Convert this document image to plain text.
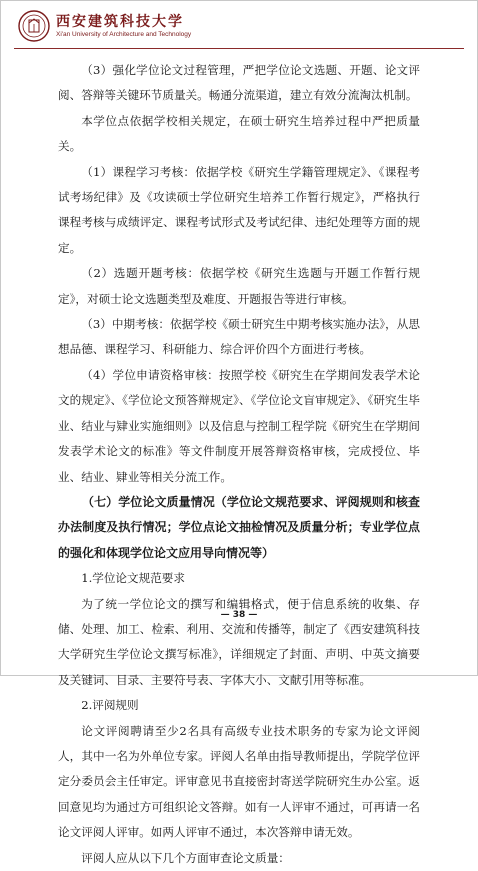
西安建筑科技大学
Xi'an University of Architecture and Technology

（3）强化学位论文过程管理，严把学位论文选题、开题、论文评阅、答辩等关键环节质量关。畅通分流渠道，建立有效分流淘汰机制。

本学位点依据学校相关规定，在硕士研究生培养过程中严把质量关。

（1）课程学习考核：依据学校《研究生学籍管理规定》、《课程考试考场纪律》及《攻读硕士学位研究生培养工作暂行规定》，严格执行课程考核与成绩评定、课程考试形式及考试纪律、违纪处理等方面的规定。

（2）选题开题考核：依据学校《研究生选题与开题工作暂行规定》，对硕士论文选题类型及难度、开题报告等进行审核。

（3）中期考核：依据学校《硕士研究生中期考核实施办法》，从思想品德、课程学习、科研能力、综合评价四个方面进行考核。

（4）学位申请资格审核：按照学校《研究生在学期间发表学术论文的规定》、《学位论文预答辩规定》、《学位论文盲审规定》、《研究生毕业、结业与肄业实施细则》以及信息与控制工程学院《研究生在学期间发表学术论文的标准》等文件制度开展答辩资格审核，完成授位、毕业、结业、肄业等相关分流工作。

（七）学位论文质量情况（学位论文规范要求、评阅规则和核查办法制度及执行情况；学位点论文抽检情况及质量分析；专业学位点的强化和体现学位论文应用导向情况等）

1.学位论文规范要求

为了统一学位论文的撰写和编辑格式，便于信息系统的收集、存储、处理、加工、检索、利用、交流和传播等，制定了《西安建筑科技大学研究生学位论文撰写标准》，详细规定了封面、声明、中英文摘要及关键词、目录、主要符号表、字体大小、文献引用等标准。

2.评阅规则

论文评阅聘请至少2名具有高级专业技术职务的专家为论文评阅人，其中一名为外单位专家。评阅人名单由指导教师提出，学院学位评定分委员会主任审定。评审意见书直接密封寄送学院研究生办公室。返回意见均为通过方可组织论文答辩。如有一人评审不通过，可再请一名论文评阅人评审。如两人评审不通过，本次答辩申请无效。

评阅人应从以下几个方面审查论文质量：

— 38 —
